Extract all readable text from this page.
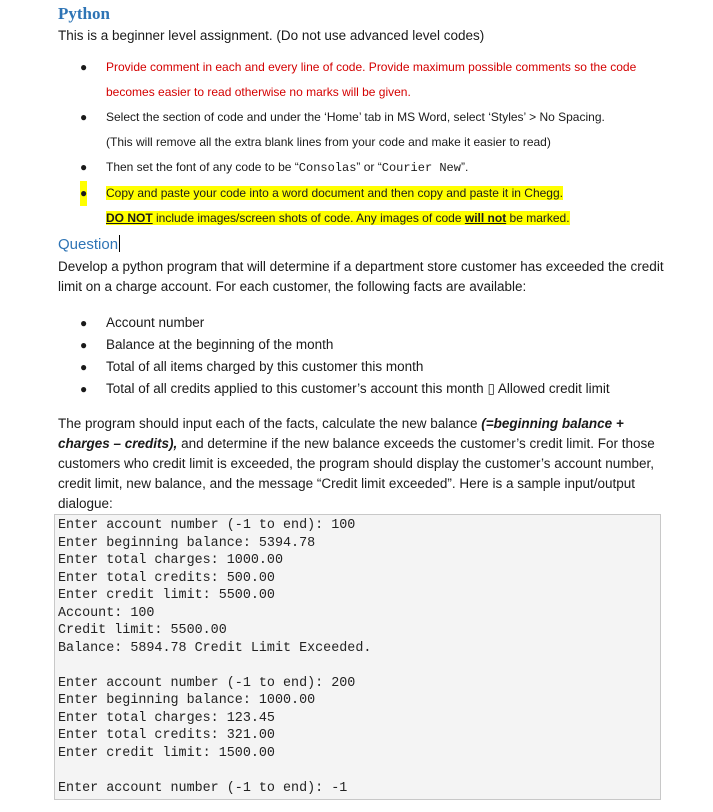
Python
This is a beginner level assignment. (Do not use advanced level codes)
● Provide comment in each and every line of code. Provide maximum possible comments so the code
becomes easier to read otherwise no marks will be given.
● Select the section of code and under the ‘Home’ tab in MS Word, select ‘Styles’ > No Spacing.
(This will remove all the extra blank lines from your code and make it easier to read)
● Then set the font of any code to be “Consolas” or “Courier New”.
● Copy and paste your code into a word document and then copy and paste it in Chegg.
DO NOT include images/screen shots of code. Any images of code will not be marked.
Question
Develop a python program that will determine if a department store customer has exceeded the credit limit on a charge account. For each customer, the following facts are available:
● Account number
● Balance at the beginning of the month
● Total of all items charged by this customer this month
● Total of all credits applied to this customer’s account this month ▯ Allowed credit limit
The program should input each of the facts, calculate the new balance (=beginning balance + charges – credits), and determine if the new balance exceeds the customer’s credit limit. For those customers who credit limit is exceeded, the program should display the customer’s account number, credit limit, new balance, and the message “Credit limit exceeded”. Here is a sample input/output dialogue:
Enter account number (-1 to end): 100
Enter beginning balance: 5394.78
Enter total charges: 1000.00
Enter total credits: 500.00
Enter credit limit: 5500.00
Account: 100
Credit limit: 5500.00
Balance: 5894.78 Credit Limit Exceeded.
Enter account number (-1 to end): 200
Enter beginning balance: 1000.00
Enter total charges: 123.45
Enter total credits: 321.00
Enter credit limit: 1500.00
Enter account number (-1 to end): -1
